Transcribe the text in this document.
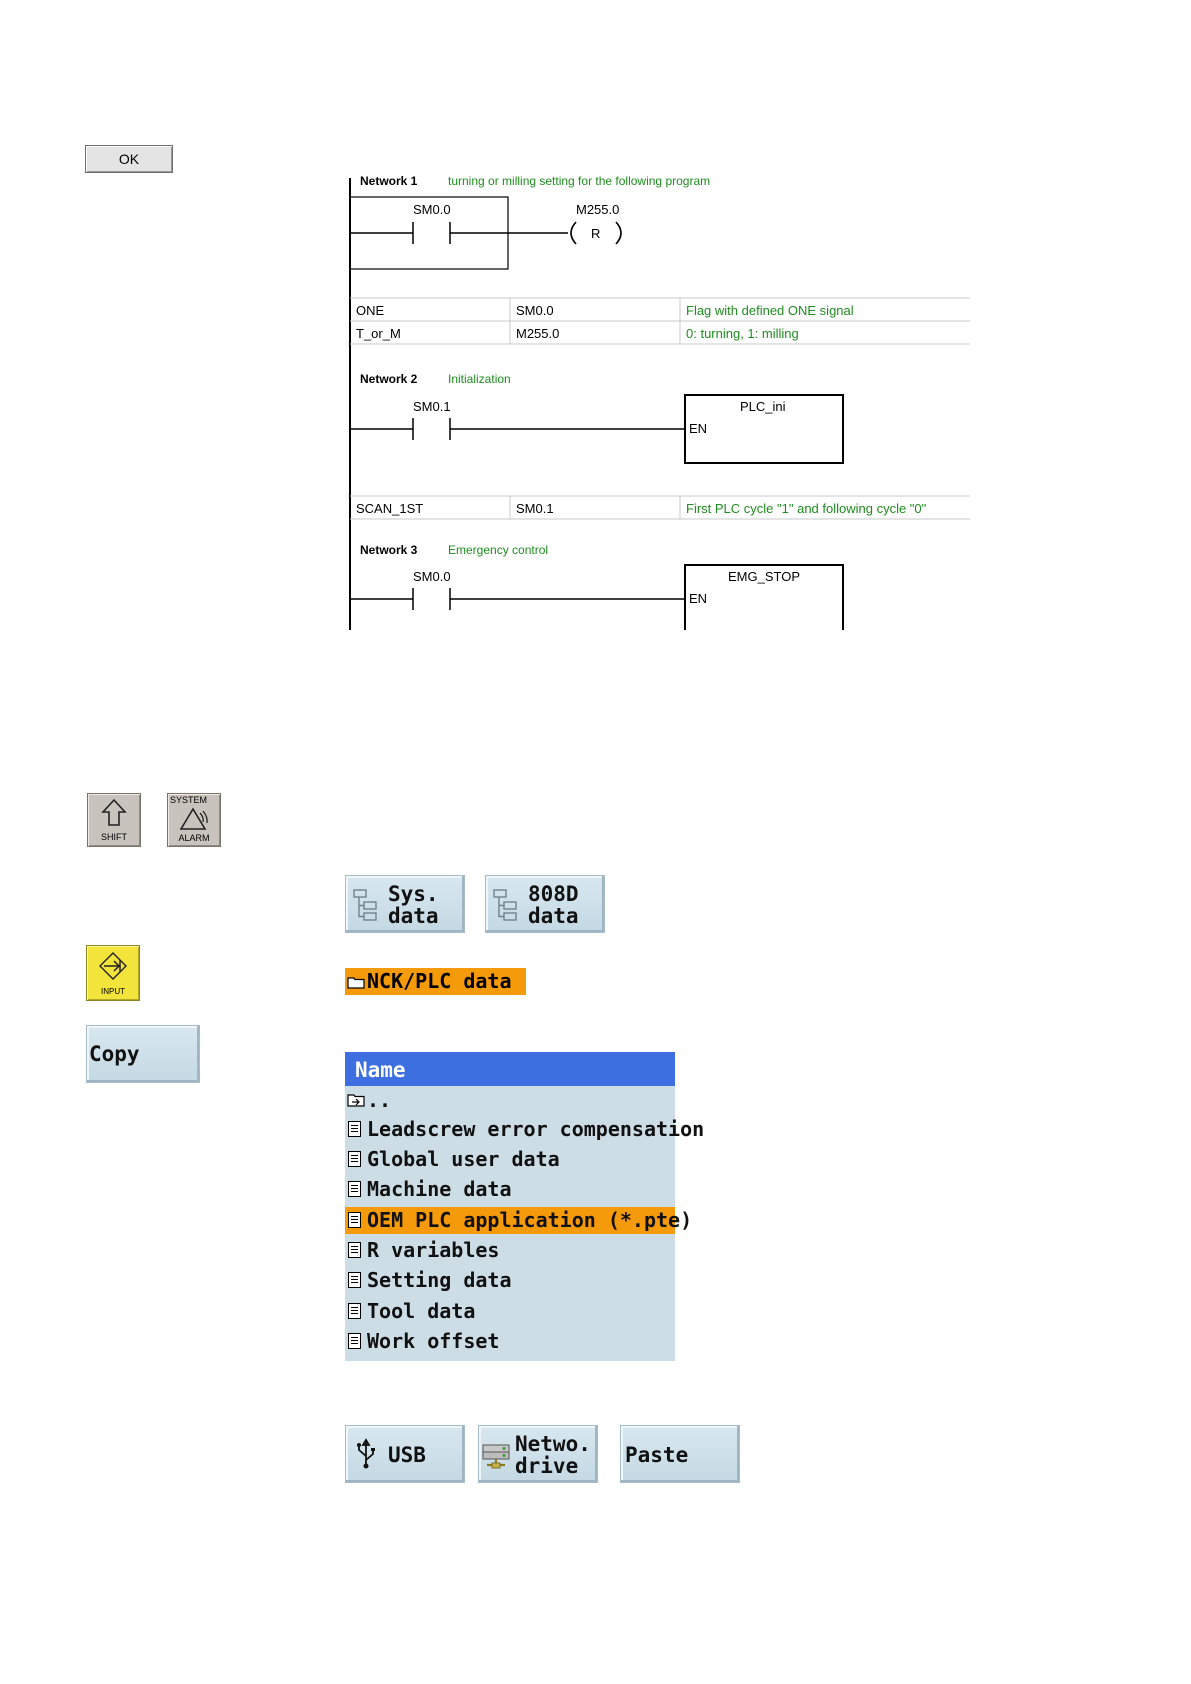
OK
Network 1	turning or milling setting for the following program
SM0.0	M255.0
R
ONE	SM0.0	Flag with defined ONE signal
T_or_M	M255.0	0: turning, 1: milling
Network 2	Initialization
SM0.1	PLC_ini
EN
SCAN_1ST	SM0.1	First PLC cycle "1" and following cycle "0"
Network 3	Emergency control
SM0.0	EMG_STOP
EN
SHIFT
SYSTEM
ALARM
Sys.
data
808D
data
INPUT	NCK/PLC data
Copy
Name
..
Leadscrew error compensation
Global user data
Machine data
OEM PLC application (*.pte)
R variables
Setting data
Tool data
Work offset
USB	Netwo.
drive Paste
